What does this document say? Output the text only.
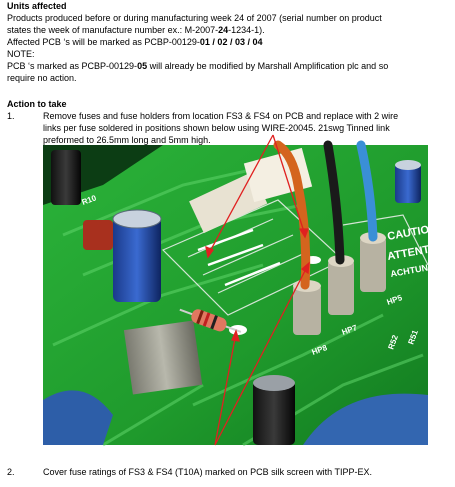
Units affected
Products produced before or during manufacturing week 24 of 2007 (serial number on product
states the week of manufacture number ex.: M-2007-24-1234-1).
Affected PCB ‘s will be marked as PCBP-00129-01 / 02 / 03 / 04
NOTE:
PCB ‘s marked as PCBP-00129-05 will already be modified by Marshall Amplification plc and so
require no action.
Action to take
1.	Remove fuses and fuse holders from location FS3 & FS4 on PCB and replace with 2 wire
links per fuse soldered in positions shown below using WIRE-20045. 21swg Tinned link
preformed to 26.5mm long and 5mm high.
HP7
HP5
HP8	R52 R51
R10
CAUTION
ATTENTION
ACHTUNG
2.	Cover fuse ratings of FS3 & FS4 (T10A) marked on PCB silk screen with TIPP-EX.
